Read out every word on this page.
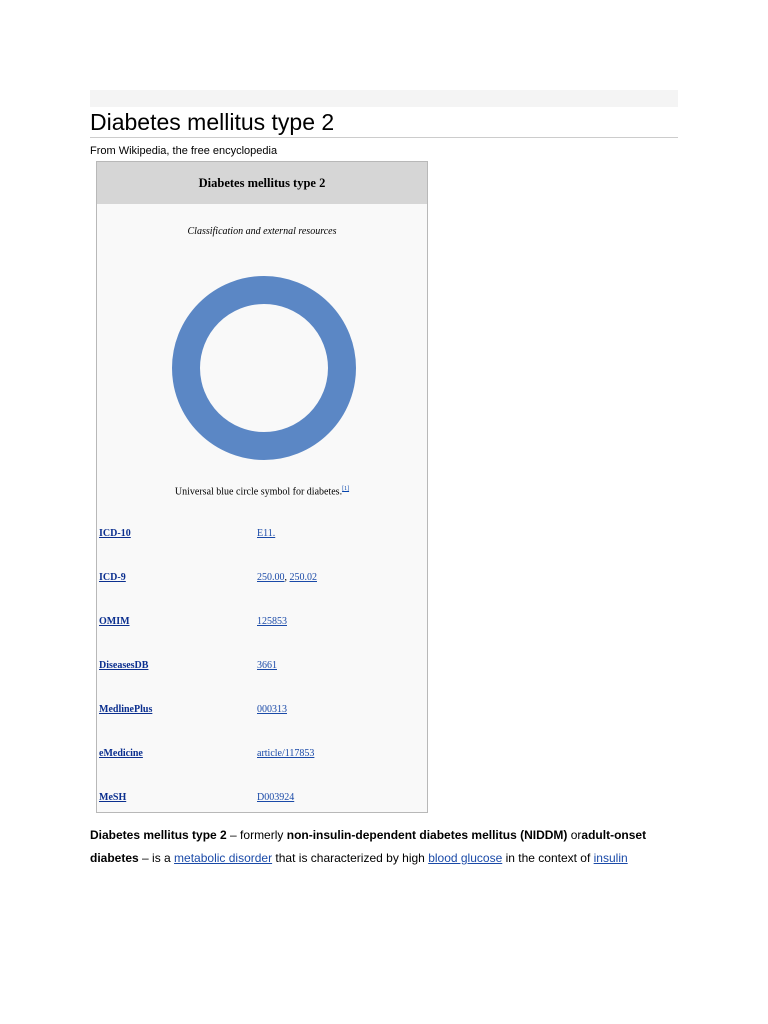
Diabetes mellitus type 2
From Wikipedia, the free encyclopedia
Diabetes mellitus type 2
Classification and external resources
Universal blue circle symbol for diabetes.[1]
ICD-10	E11.
ICD-9	250.00, 250.02
OMIM	125853
DiseasesDB	3661
MedlinePlus	000313
eMedicine	article/117853
MeSH	D003924
Diabetes mellitus type 2 – formerly non-insulin-dependent diabetes mellitus (NIDDM) oradult-onset
diabetes – is a metabolic disorder that is characterized by high blood glucose in the context of insulin
